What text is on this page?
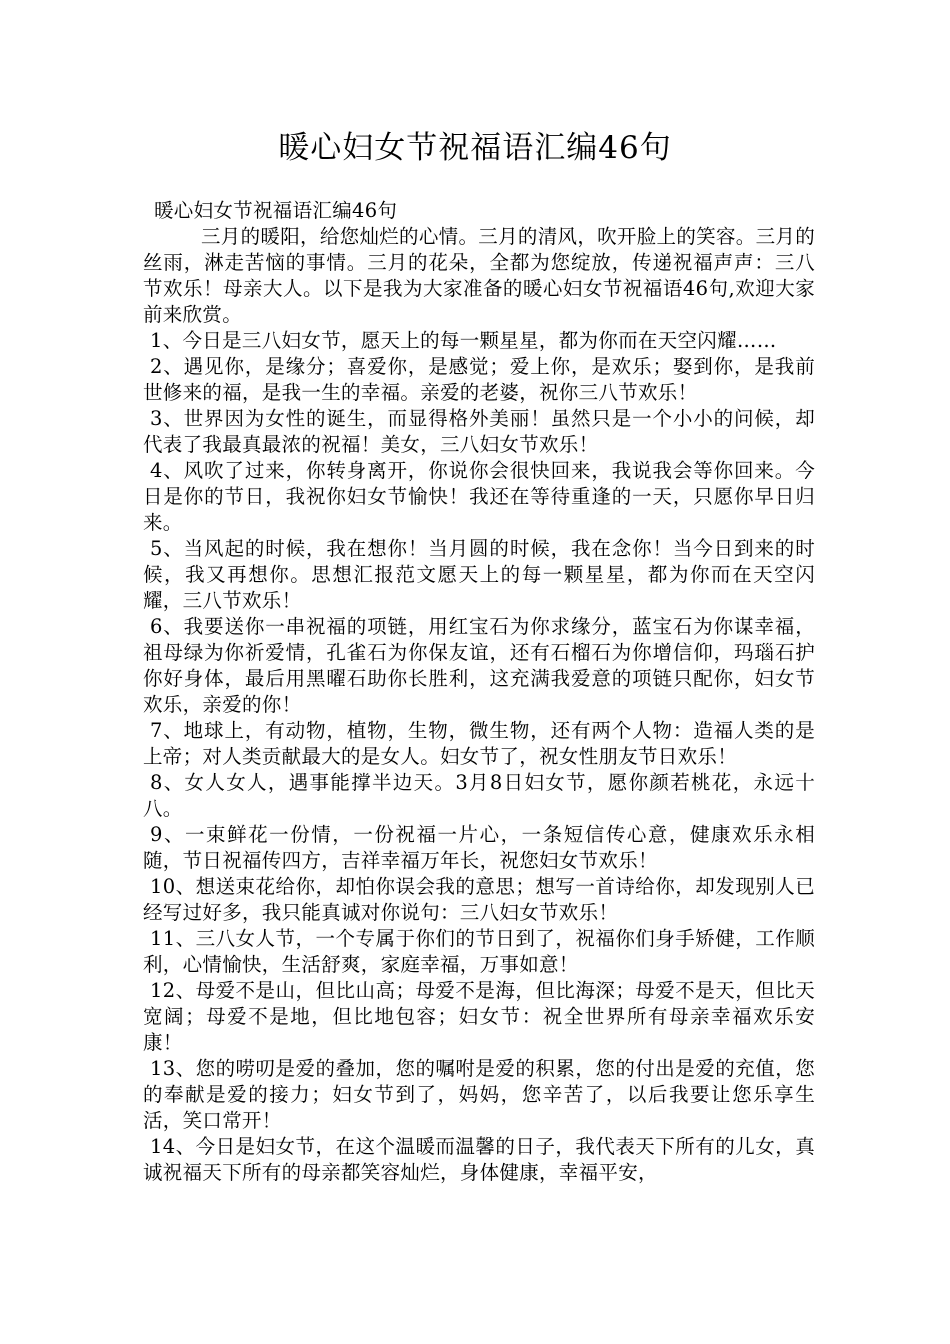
暖心妇女节祝福语汇编46句

暖心妇女节祝福语汇编46句

三月的暖阳，给您灿烂的心情。三月的清风，吹开脸上的笑容。三月的丝雨，淋走苦恼的事情。三月的花朵，全都为您绽放，传递祝福声声：三八节欢乐！母亲大人。以下是我为大家准备的暖心妇女节祝福语46句,欢迎大家前来欣赏。

1、今日是三八妇女节，愿天上的每一颗星星，都为你而在天空闪耀……
2、遇见你，是缘分；喜爱你，是感觉；爱上你，是欢乐；娶到你，是我前世修来的福，是我一生的幸福。亲爱的老婆，祝你三八节欢乐！
3、世界因为女性的诞生，而显得格外美丽！虽然只是一个小小的问候，却代表了我最真最浓的祝福！美女，三八妇女节欢乐！
4、风吹了过来，你转身离开，你说你会很快回来，我说我会等你回来。今日是你的节日，我祝你妇女节愉快！我还在等待重逢的一天，只愿你早日归来。
5、当风起的时候，我在想你！当月圆的时候，我在念你！当今日到来的时候，我又再想你。思想汇报范文愿天上的每一颗星星，都为你而在天空闪耀，三八节欢乐！
6、我要送你一串祝福的项链，用红宝石为你求缘分，蓝宝石为你谋幸福，祖母绿为你祈爱情，孔雀石为你保友谊，还有石榴石为你增信仰，玛瑙石护你好身体，最后用黑曜石助你长胜利，这充满我爱意的项链只配你，妇女节欢乐，亲爱的你！
7、地球上，有动物，植物，生物，微生物，还有两个人物：造福人类的是上帝；对人类贡献最大的是女人。妇女节了，祝女性朋友节日欢乐！
8、女人女人，遇事能撑半边天。3月8日妇女节，愿你颜若桃花，永远十八。
9、一束鲜花一份情，一份祝福一片心，一条短信传心意，健康欢乐永相随，节日祝福传四方，吉祥幸福万年长，祝您妇女节欢乐！
10、想送束花给你，却怕你误会我的意思；想写一首诗给你，却发现别人已经写过好多，我只能真诚对你说句：三八妇女节欢乐！
11、三八女人节，一个专属于你们的节日到了，祝福你们身手矫健，工作顺利，心情愉快，生活舒爽，家庭幸福，万事如意！
12、母爱不是山，但比山高；母爱不是海，但比海深；母爱不是天，但比天宽阔；母爱不是地，但比地包容；妇女节：祝全世界所有母亲幸福欢乐安康！
13、您的唠叨是爱的叠加，您的嘱咐是爱的积累，您的付出是爱的充值，您的奉献是爱的接力；妇女节到了，妈妈，您辛苦了，以后我要让您乐享生活，笑口常开！
14、今日是妇女节，在这个温暖而温馨的日子，我代表天下所有的儿女，真诚祝福天下所有的母亲都笑容灿烂，身体健康，幸福平安，
